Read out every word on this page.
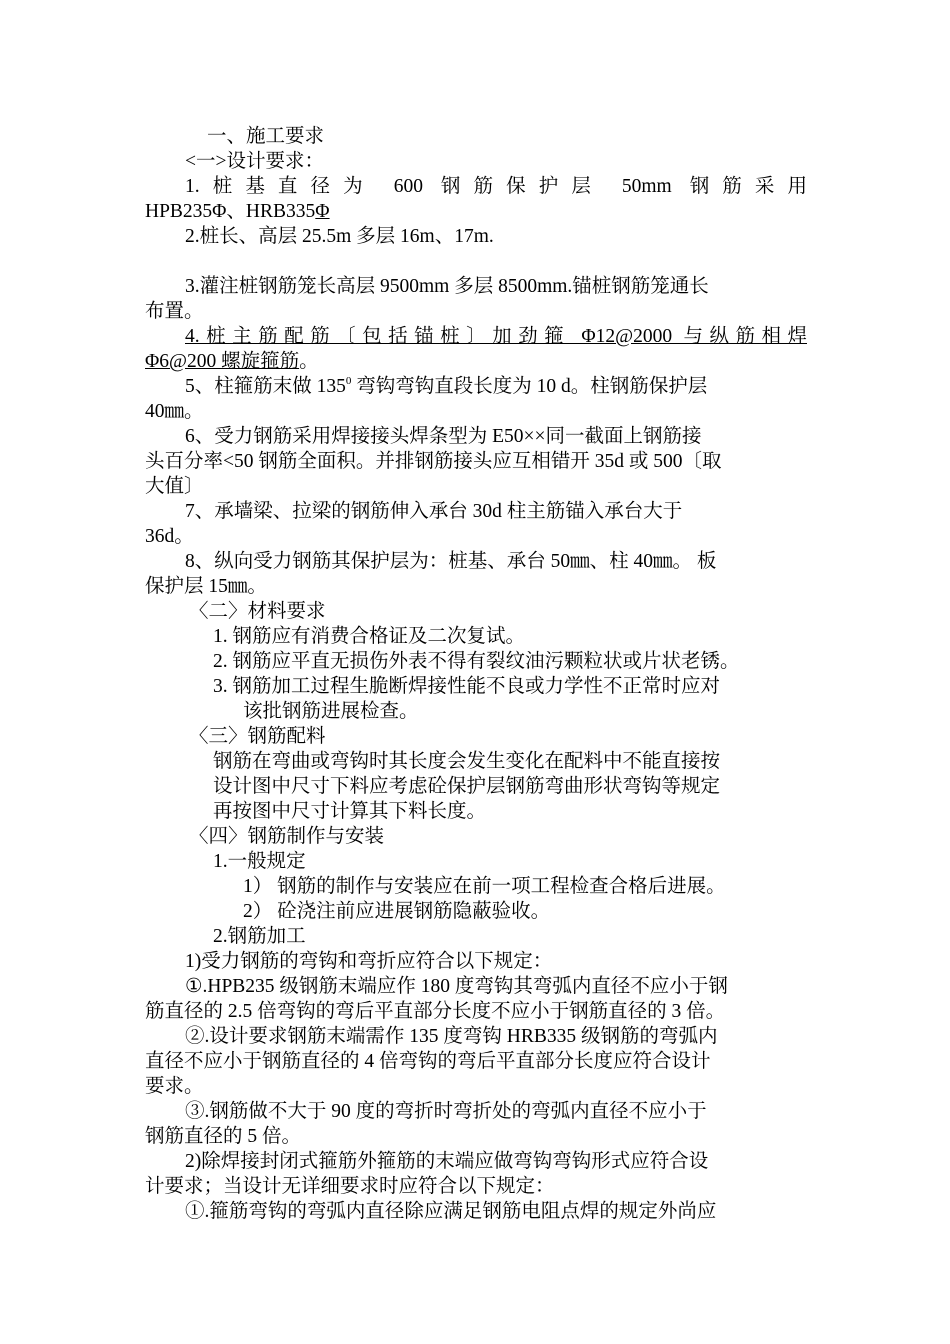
一、施工要求

<一>设计要求：

1.桩基直径为 600 钢筋保护层 50mm 钢筋采用

HPB235Φ、HRB335Φ

2.桩长、高层 25.5m 多层 16m、17m.

3.灌注桩钢筋笼长高层 9500mm 多层 8500mm.锚桩钢筋笼通长

布置。

4.桩主筋配筋〔包括锚桩〕加劲箍 Φ12@2000 与纵筋相焊

Φ6@200 螺旋箍筋。

5、柱箍筋末做 $135^0$ 弯钩弯钩直段长度为 10 d。柱钢筋保护层

40㎜。

6、受力钢筋采用焊接接头焊条型为 E50××同一截面上钢筋接

头百分率<50 钢筋全面积。并排钢筋接头应互相错开 35d 或 500〔取

大值〕

7、承墙梁、拉梁的钢筋伸入承台 30d 柱主筋锚入承台大于

36d。

8、纵向受力钢筋其保护层为：桩基、承台 50㎜、柱 40㎜。 板

保护层 15㎜。

〈二〉材料要求

1. 钢筋应有消费合格证及二次复试。

2. 钢筋应平直无损伤外表不得有裂纹油污颗粒状或片状老锈。

3. 钢筋加工过程生脆断焊接性能不良或力学性不正常时应对

该批钢筋进展检查。

〈三〉钢筋配料

钢筋在弯曲或弯钩时其长度会发生变化在配料中不能直接按

设计图中尺寸下料应考虑砼保护层钢筋弯曲形状弯钩等规定

再按图中尺寸计算其下料长度。

〈四〉钢筋制作与安装

1.一般规定

1） 钢筋的制作与安装应在前一项工程检查合格后进展。

2） 砼浇注前应进展钢筋隐蔽验收。

2.钢筋加工

1)受力钢筋的弯钩和弯折应符合以下规定：

①.HPB235 级钢筋末端应作 180 度弯钩其弯弧内直径不应小于钢

筋直径的 2.5 倍弯钩的弯后平直部分长度不应小于钢筋直径的 3 倍。

②.设计要求钢筋末端需作 135 度弯钩 HRB335 级钢筋的弯弧内

直径不应小于钢筋直径的 4 倍弯钩的弯后平直部分长度应符合设计

要求。

③.钢筋做不大于 90 度的弯折时弯折处的弯弧内直径不应小于

钢筋直径的 5 倍。

2)除焊接封闭式箍筋外箍筋的末端应做弯钩弯钩形式应符合设

计要求；当设计无详细要求时应符合以下规定：

①.箍筋弯钩的弯弧内直径除应满足钢筋电阻点焊的规定外尚应
